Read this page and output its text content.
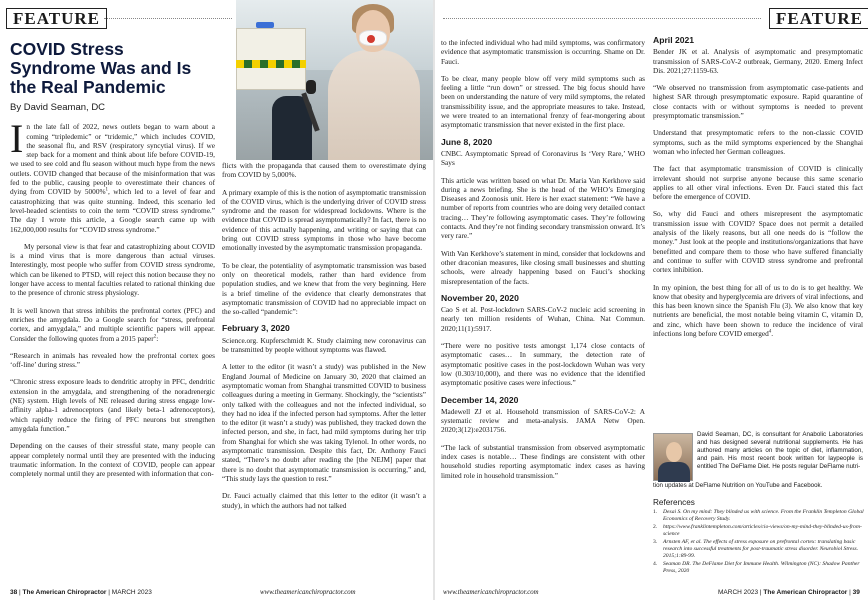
FEATURE
COVID Stress
Syndrome Was and Is
the Real Pandemic
By David Seaman, DC

In the late fall of 2022, news outlets began to warn about a coming “tripledemic” or “tridemic,” which includes COVID, the seasonal flu, and RSV (respiratory syncytial virus). If we step back for a moment and think about life before COVID-19, we used to see cold and flu season without much hype from the news outlets. COVID changed that because of the misinformation that was fed to the public, causing people to overestimate their chances of dying from COVID by 5000%$^1$, which led to a level of fear and catastrophizing that was quite stunning. Indeed, this scenario led level-headed scientists to coin the term “COVID stress syndrome.” The day I wrote this article, a Google search came up with 162,000,000 results for “COVID stress syndrome.”

My personal view is that fear and catastrophizing about COVID is a mind virus that is more dangerous than actual viruses. Interestingly, most people who suffer from COVID stress syndrome, which can be likened to PTSD, will reject this notion because they no longer have access to mental faculties related to rational thinking due to the presence of chronic stress physiology.

It is well known that stress inhibits the prefrontal cortex (PFC) and enriches the amygdala. Do a Google search for “stress, prefrontal cortex, and amygdala,” and multiple scientific papers will appear. Consider the following quotes from a 2015 paper$^2$:

“Research in animals has revealed how the prefrontal cortex goes ‘off-line’ during stress.”

“Chronic stress exposure leads to dendritic atrophy in PFC, dendritic extension in the amygdala, and strengthening of the noradrenergic (NE) system. High levels of NE released during stress engage low-affinity alpha-1 adrenoceptors (and likely beta-1 adrenoceptors), which rapidly reduce the firing of PFC neurons but strengthen amygdala function.”

Depending on the causes of their stressful state, many people can appear completely normal until they are presented with the inducing traumatic information. In the context of COVID, people can appear completely normal until they are presented with information that con-

flicts with the propaganda that caused them to overestimate dying from COVID by 5,000%.

A primary example of this is the notion of asymptomatic transmission of the COVID virus, which is the underlying driver of COVID stress syndrome and the reason for widespread lockdowns. Where is the evidence that COVID is spread asymptomatically? In fact, there is no evidence of this actually happening, and writing or saying that can bring out COVID stress symptoms in those who have become emotionally invested by the asymptomatic transmission propaganda.

To be clear, the potentiality of asymptomatic transmission was based only on theoretical models, rather than hard evidence from population studies, and we knew that from the very beginning. Here is a brief timeline of the evidence that clearly demonstrates that asymptomatic transmission of COVID had no appreciable impact on the so-called “pandemic”:

February 3, 2020

Science.org. Kupferschmidt K. Study claiming new coronavirus can be transmitted by people without symptoms was flawed.

A letter to the editor (it wasn’t a study) was published in the New England Journal of Medicine on January 30, 2020 that claimed an asymptomatic woman from Shanghai transmitted COVID to business colleagues during a meeting in Germany. Shockingly, the “scientists” only talked with the colleagues and not the infected individual, so they had no idea if the infected person had symptoms. After the letter to the editor (it wasn’t a study) was published, they tracked down the infected person, and she, in fact, had mild symptoms during her trip from Shanghai for which she was taking Tylenol. In other words, no asymptomatic transmission. Despite this fact, Dr. Anthony Fauci stated, “There’s no doubt after reading the [the NEJM] paper that there is no doubt that asymptomatic transmission is occurring,” and, “This study lays the question to rest.”

Dr. Fauci actually claimed that this letter to the editor (it wasn’t a study), in which the authors had not talked

38 | The American Chiropractor | MARCH 2023	www.theamericanchiropractor.com
FEATURE

to the infected individual who had mild symptoms, was confirmatory evidence that asymptomatic transmission is occurring. Shame on Dr. Fauci.

To be clear, many people blow off very mild symptoms such as feeling a little “run down” or stressed. The big focus should have been on understanding the nature of very mild symptoms, the related transmissibility issue, and the appropriate measures to take. Instead, we were treated to an international frenzy of fear-mongering about asymptomatic transmission that never existed in the first place.

June 8, 2020

CNBC. Asymptomatic Spread of Coronavirus Is ‘Very Rare,’ WHO Says

This article was written based on what Dr. Maria Van Kerkhove said during a news briefing. She is the head of the WHO’s Emerging Diseases and Zoonosis unit. Here is her exact statement: “We have a number of reports from countries who are doing very detailed contact tracing… They’re following asymptomatic cases. They’re following contacts. And they’re not finding secondary transmission onward. It’s very rare.”

With Van Kerkhove’s statement in mind, consider that lockdowns and other draconian measures, like closing small businesses and shutting schools, were already happening based on Fauci’s shocking misrepresentation of the facts.

November 20, 2020

Cao S et al. Post-lockdown SARS-CoV-2 nucleic acid screening in nearly ten million residents of Wuhan, China. Nat Commun. 2020;11(1):5917.

“There were no positive tests amongst 1,174 close contacts of asymptomatic cases… In summary, the detection rate of asymptomatic positive cases in the post-lockdown Wuhan was very low (0.303/10,000), and there was no evidence that the identified asymptomatic positive cases were infectious.”

December 14, 2020

Madewell ZJ et al. Household transmission of SARS-CoV-2: A systematic review and meta-analysis. JAMA Netw Open. 2020;3(12):e2031756.

“The lack of substantial transmission from observed asymptomatic index cases is notable… These findings are consistent with other household studies reporting asymptomatic index cases as having limited role in household transmission.”

April 2021

Bender JK et al. Analysis of asymptomatic and presymptomatic transmission of SARS-CoV-2 outbreak, Germany, 2020. Emerg Infect Dis. 2021;27:1159-63.

“We observed no transmission from asymptomatic case-patients and highest SAR through presymptomatic exposure. Rapid quarantine of close contacts with or without symptoms is needed to prevent presymptomatic transmission.”

Understand that presymptomatic refers to the non-classic COVID symptoms, such as the mild symptoms experienced by the Shanghai woman who infected her German colleagues.

The fact that asymptomatic transmission of COVID is clinically irrelevant should not surprise anyone because this same scenario applies to all other viral infections. Even Dr. Fauci stated this fact before the emergence of COVID.

So, why did Fauci and others misrepresent the asymptomatic transmission issue with COVID? Space does not permit a detailed analysis of the likely reasons, but all one needs do is “follow the money.” Just look at the people and institutions/organizations that have benefitted and compare them to those who have suffered financially and continue to suffer with COVID stress syndrome and prefrontal cortex inhibition.

In my opinion, the best thing for all of us to do is to get healthy. We know that obesity and hyperglycemia are drivers of viral infections, and this has been known since the Spanish Flu (3). We also know that key nutrients are beneficial, the most notable being vitamin C, vitamin D, and zinc, which have been shown to reduce the incidence of viral infections long before COVID emerged$^4$.

David Seaman, DC, is consultant for Anabolic Laboratories and has designed several nutritional supplements. He has authored many articles on the topic of diet, inflammation, and pain. His most recent book written for laypeople is entitled The DeFlame Diet. He posts regular DeFlame nutri-
tion updates at DeFlame Nutrition on YouTube and Facebook.
References
1.	Desai S. On my mind: They blinded us with science. From the Franklin Templeton Global Economics of Recovery Study.
2.	https://www.franklintempleton.com/articles/cio-views/on-my-mind-they-blinded-us-from-science
3.	Arnsten AF, et al. The effects of stress exposure on prefrontal cortex: translating basic research into successful treatments for post-traumatic stress disorder. Neurobiol Stress. 2015;1:89-99.
4.	Seaman DR. The DeFlame Diet for Immune Health. Wilmington (NC): Shadow Panther Press, 2020
www.theamericanchiropractor.com	MARCH 2023 | The American Chiropractor | 39
